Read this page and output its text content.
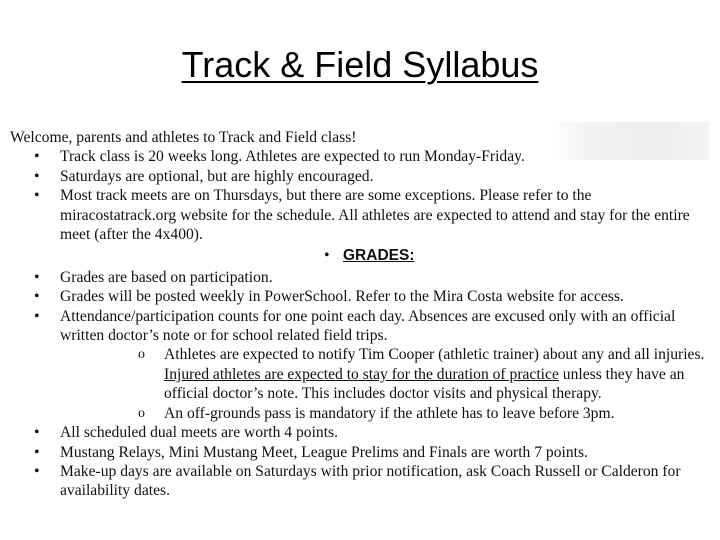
Track & Field Syllabus

Welcome, parents and athletes to Track and Field class!

• Track class is 20 weeks long. Athletes are expected to run Monday-Friday.
• Saturdays are optional, but are highly encouraged.
• Most track meets are on Thursdays, but there are some exceptions. Please refer to the miracostatrack.org website for the schedule. All athletes are expected to attend and stay for the entire meet (after the 4x400).
• GRADES:
• Grades are based on participation.
• Grades will be posted weekly in PowerSchool. Refer to the Mira Costa website for access.
• Attendance/participation counts for one point each day. Absences are excused only with an official written doctor’s note or for school related field trips.
o Athletes are expected to notify Tim Cooper (athletic trainer) about any and all injuries. Injured athletes are expected to stay for the duration of practice unless they have an official doctor’s note. This includes doctor visits and physical therapy.
o An off-grounds pass is mandatory if the athlete has to leave before 3pm.
• All scheduled dual meets are worth 4 points.
• Mustang Relays, Mini Mustang Meet, League Prelims and Finals are worth 7 points.
• Make-up days are available on Saturdays with prior notification, ask Coach Russell or Calderon for availability dates.
